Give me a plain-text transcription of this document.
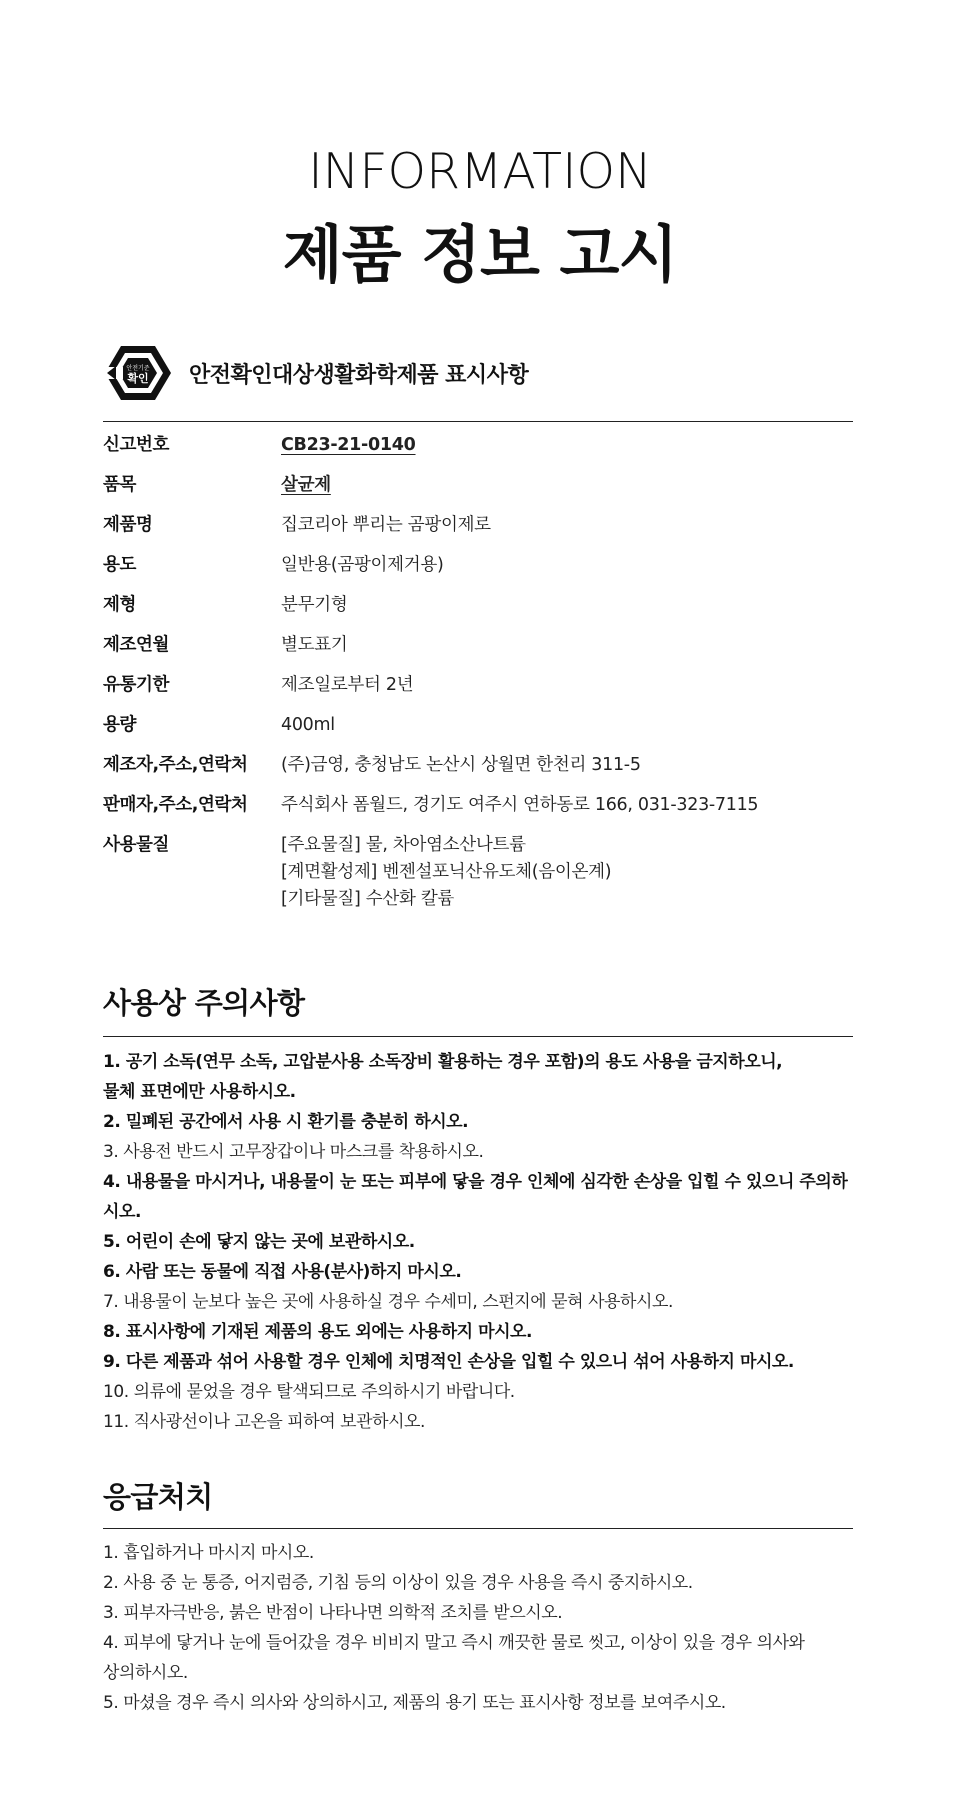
INFORMATION
제품 정보 고시
안전기준
확인 안전확인대상생활화학제품 표시사항
신고번호	CB23-21-0140
품목	살균제
제품명	집코리아 뿌리는 곰팡이제로
용도	일반용(곰팡이제거용)
제형	분무기형
제조연월	별도표기
유통기한	제조일로부터 2년
용량	400ml
제조자,주소,연락처	(주)금영, 충청남도 논산시 상월면 한천리 311-5
판매자,주소,연락처	주식회사 폼월드, 경기도 여주시 연하동로 166, 031-323-7115
사용물질	[주요물질] 물, 차아염소산나트륨
[계면활성제] 벤젠설포닉산유도체(음이온계)
[기타물질] 수산화 칼륨
사용상 주의사항
1. 공기 소독(연무 소독, 고압분사용 소독장비 활용하는 경우 포함)의 용도 사용을 금지하오니,
물체 표면에만 사용하시오.
2. 밀폐된 공간에서 사용 시 환기를 충분히 하시오.
3. 사용전 반드시 고무장갑이나 마스크를 착용하시오.
4. 내용물을 마시거나, 내용물이 눈 또는 피부에 닿을 경우 인체에 심각한 손상을 입힐 수 있으니 주의하시오.
5. 어린이 손에 닿지 않는 곳에 보관하시오.
6. 사람 또는 동물에 직접 사용(분사)하지 마시오.
7. 내용물이 눈보다 높은 곳에 사용하실 경우 수세미, 스펀지에 묻혀 사용하시오.
8. 표시사항에 기재된 제품의 용도 외에는 사용하지 마시오.
9. 다른 제품과 섞어 사용할 경우 인체에 치명적인 손상을 입힐 수 있으니 섞어 사용하지 마시오.
10. 의류에 묻었을 경우 탈색되므로 주의하시기 바랍니다.
11. 직사광선이나 고온을 피하여 보관하시오.
응급처치
1. 흡입하거나 마시지 마시오.
2. 사용 중 눈 통증, 어지럼증, 기침 등의 이상이 있을 경우 사용을 즉시 중지하시오.
3. 피부자극반응, 붉은 반점이 나타나면 의학적 조치를 받으시오.
4. 피부에 닿거나 눈에 들어갔을 경우 비비지 말고 즉시 깨끗한 물로 씻고, 이상이 있을 경우 의사와
상의하시오.
5. 마셨을 경우 즉시 의사와 상의하시고, 제품의 용기 또는 표시사항 정보를 보여주시오.
